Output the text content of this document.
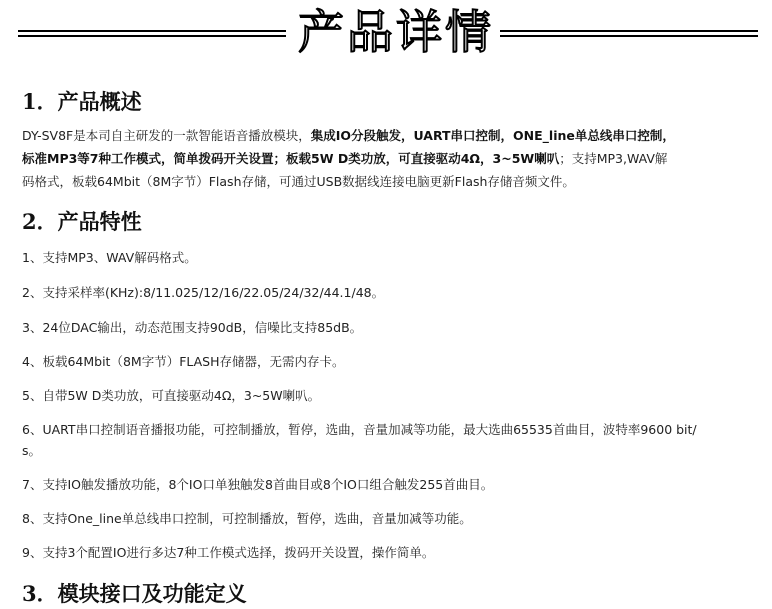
产品详情
1．产品概述
DY-SV8F是本司自主研发的一款智能语音播放模块，集成IO分段触发，UART串口控制，ONE_line单总线串口控制，
标准MP3等7种工作模式，简单拨码开关设置；板载5W D类功放，可直接驱动4Ω，3~5W喇叭；支持MP3,WAV解
码格式，板载64Mbit（8M字节）Flash存储，可通过USB数据线连接电脑更新Flash存储音频文件。
2．产品特性
1、支持MP3、WAV解码格式。
2、支持采样率(KHz):8/11.025/12/16/22.05/24/32/44.1/48。
3、24位DAC输出，动态范围支持90dB，信噪比支持85dB。
4、板载64Mbit（8M字节）FLASH存储器，无需内存卡。
5、自带5W D类功放，可直接驱动4Ω，3~5W喇叭。
6、UART串口控制语音播报功能，可控制播放，暂停，选曲，音量加减等功能，最大选曲65535首曲目，波特率9600 bit/
s。
7、支持IO触发播放功能，8个IO口单独触发8首曲目或8个IO口组合触发255首曲目。
8、支持One_line单总线串口控制，可控制播放，暂停，选曲，音量加减等功能。
9、支持3个配置IO进行多达7种工作模式选择，拨码开关设置，操作简单。
3．模块接口及功能定义
